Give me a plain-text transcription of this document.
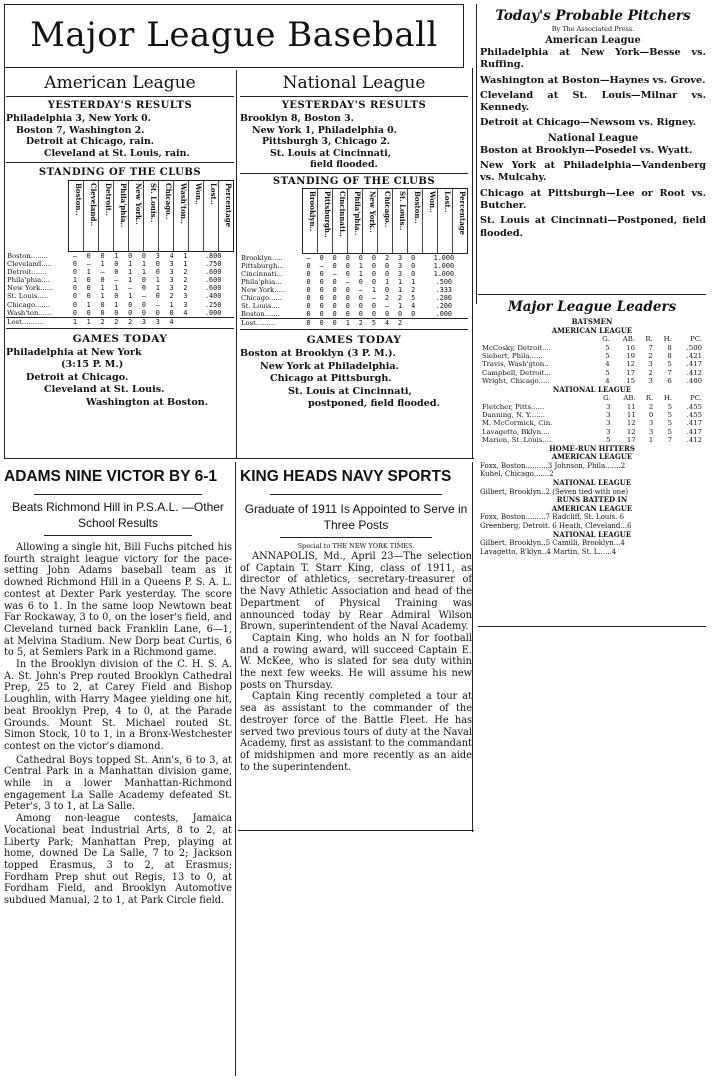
Major League Baseball
American League
YESTERDAY'S RESULTS
Philadelphia 3, New York 0.
Boston 7, Washington 2.
Detroit at Chicago, rain.
Cleveland at St. Louis, rain.
STANDING OF THE CLUBS
Boston.. Cleveland.. Detroit.. Phila'phia.. New York.. St. Louis.. Chicago.. Wash'ton.. Won.. Lost.. Percentage
Boston........	—	0	0	1	0	0	3	4	1	.800
Cleveland.....	0	—	1	0	1	1	0	3	1	.750
Detroit.......	0	1	—	0	1	1	0	3	2	.600
Phila'phia....	1	0	0	—	1	0	1	3	2	.600
New York......	0	0	1	1	—	0	1	3	2	.600
St. Louis.....	0	0	1	0	1	—	0	2	3	.400
Chicago.......	0	1	0	1	0	0	—	1	3	.250
Wash'ton......	0	0	0	0	0	0	0	0	4	.000
Lost..........	1	1	2	2	2	3	3	4		
GAMES TODAY
Philadelphia at New York
(3:15 P. M.)
Detroit at Chicago.
Cleveland at St. Louis.
Washington at Boston.
National League
YESTERDAY'S RESULTS
Brooklyn 8, Boston 3.
New York 1, Philadelphia 0.
Pittsburgh 3, Chicago 2.
St. Louis at Cincinnati,
field flooded.
STANDING OF THE CLUBS
Brooklyn.. Pittsburgh.. Cincinnati.. Phila'phia.. New York.. Chicago.. St. Louis.. Boston.. Won.. Lost.. Percentage
Brooklyn.....	—	0	0	0	0	0	2	3	0	1.000
Pittsburgh...	0	—	0	0	1	0	0	3	0	1.000
Cincinnati...	0	0	—	0	1	0	0	3	0	1.000
Phila'phia...	0	0	0	—	0	0	1	1	1	.500
New York.....	0	0	0	0	—	1	0	1	2	.333
Chicago......	0	0	0	0	0	—	2	2	5	.286
St. Louis....	0	0	0	0	0	0	—	1	4	.200
Boston.......	0	0	0	0	0	0	0	0	0	.000
Lost.........	0	0	0	1	2	5	4	2		
GAMES TODAY
Boston at Brooklyn (3 P. M.).
New York at Philadelphia.
Chicago at Pittsburgh.
St. Louis at Cincinnati,
postponed, field flooded.
Today's Probable Pitchers
By The Associated Press.
American League
Philadelphia at New York—Besse vs. Ruffing.
Washington at Boston—Haynes vs. Grove.
Cleveland at St. Louis—Milnar vs. Kennedy.
Detroit at Chicago—Newsom vs. Rigney.
National League
Boston at Brooklyn—Posedel vs. Wyatt.
New York at Philadelphia—Vandenberg vs. Mulcahy.
Chicago at Pittsburgh—Lee or Root vs. Butcher.
St. Louis at Cincinnati—Postponed, field flooded.
Major League Leaders
BATSMEN
AMERICAN LEAGUE
	G.	AB.	R.	H.	PC.
McCosky, Detroit....	5	16	7	8	.500
Siebert, Phila......	5	19	2	8	.421
Travis, Wash'gton..	4	12	3	5	.417
Campbell, Detroit...	5	17	2	7	.412
Wright, Chicago.....	4	15	3	6	.400
NATIONAL LEAGUE
	G.	AB.	R.	H.	PC.
Fletcher, Pitts......	3	11	2	5	.455
Danning, N. Y.......	3	11	0	5	.455
M. McCormick, Cin.	3	12	3	5	.417
Lavagetto, Bklyn....	3	12	3	5	.417
Marion, St. Louis....	5	17	1	7	.412
HOME-RUN HITTERS
AMERICAN LEAGUE
Foxx, Boston..........3 Johnson, Phila.......2
Kuhel, Chicago.......2
NATIONAL LEAGUE
Gilbert, Brooklyn..2 (Seven tied with one)
RUNS BATTED IN
AMERICAN LEAGUE
Foxx, Boston.........7 Radcliff, St. Louis. 6
Greenberg, Detroit. 6 Heath, Cleveland...6
NATIONAL LEAGUE
Gilbert, Brooklyn..5 Camilli, Brooklyn...4
Lavagetto, B'klyn..4 Martin, St. L......4
ADAMS NINE VICTOR BY 6-1
Beats Richmond Hill in P.S.A.L. —Other School Results

Allowing a single hit, Bill Fuchs pitched his fourth straight league victory for the pace-setting John Adams baseball team as it downed Richmond Hill in a Queens P. S. A. L. contest at Dexter Park yesterday. The score was 6 to 1. In the same loop Newtown beat Far Rockaway, 3 to 0, on the loser's field, and Cleveland turned back Franklin Lane, 6—1, at Melvina Stadium. New Dorp beat Curtis, 6 to 5, at Semlers Park in a Richmond game.

In the Brooklyn division of the C. H. S. A. A. St. John's Prep routed Brooklyn Cathedral Prep, 25 to 2, at Carey Field and Bishop Loughlin, with Harry Magee yielding one hit, beat Brooklyn Prep, 4 to 0, at the Parade Grounds. Mount St. Michael routed St. Simon Stock, 10 to 1, in a Bronx-Westchester contest on the victor's diamond.

Cathedral Boys topped St. Ann's, 6 to 3, at Central Park in a Manhattan division game, while in a lower Manhattan-Richmond engagement La Salle Academy defeated St. Peter's, 3 to 1, at La Salle.

Among non-league contests, Jamaica Vocational beat Industrial Arts, 8 to 2, at Liberty Park; Manhattan Prep, playing at home, downed De La Salle, 7 to 2; Jackson topped Erasmus, 3 to 2, at Erasmus; Fordham Prep shut out Regis, 13 to 0, at Fordham Field, and Brooklyn Automotive subdued Manual, 2 to 1, at Park Circle field.

KING HEADS NAVY SPORTS
Graduate of 1911 Is Appointed to Serve in Three Posts
Special to THE NEW YORK TIMES.

ANNAPOLIS, Md., April 23—The selection of Captain T. Starr King, class of 1911, as director of athletics, secretary-treasurer of the Navy Athletic Association and head of the Department of Physical Training was announced today by Rear Admiral Wilson Brown, superintendent of the Naval Academy.

Captain King, who holds an N for football and a rowing award, will succeed Captain E. W. McKee, who is slated for sea duty within the next few weeks. He will assume his new posts on Thursday.

Captain King recently completed a tour at sea as assistant to the commander of the destroyer force of the Battle Fleet. He has served two previous tours of duty at the Naval Academy, first as assistant to the commandant of midshipmen and more recently as an aide to the superintendent.
